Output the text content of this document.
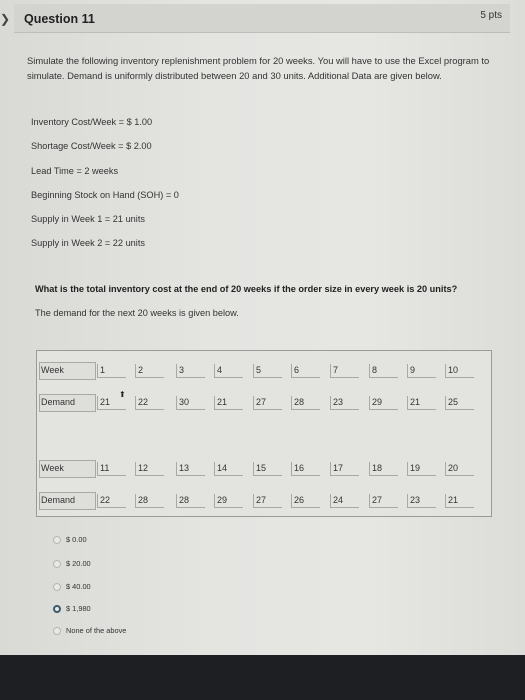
❯ Question 11	5 pts
Simulate the following inventory replenishment problem for 20 weeks. You will have to use the Excel program to simulate. Demand is uniformly distributed between 20 and 30 units. Additional Data are given below.
Inventory Cost/Week = $ 1.00
Shortage Cost/Week = $ 2.00
Lead Time = 2 weeks
Beginning Stock on Hand (SOH) = 0
Supply in Week 1 = 21 units
Supply in Week 2 = 22 units
What is the total inventory cost at the end of 20 weeks if the order size in every week is 20 units?
The demand for the next 20 weeks is given below.
Week	1	2	3	4	5	6	7	8	9	10
Demand	21	22	30	21	27	28	23	29	21	25
Week	11	12	13	14	15	16	17	18	19	20
Demand	22	28	28	29	27	26	24	27	23	21
⬆
$ 0.00
$ 20.00
$ 40.00
$ 1,980
None of the above
